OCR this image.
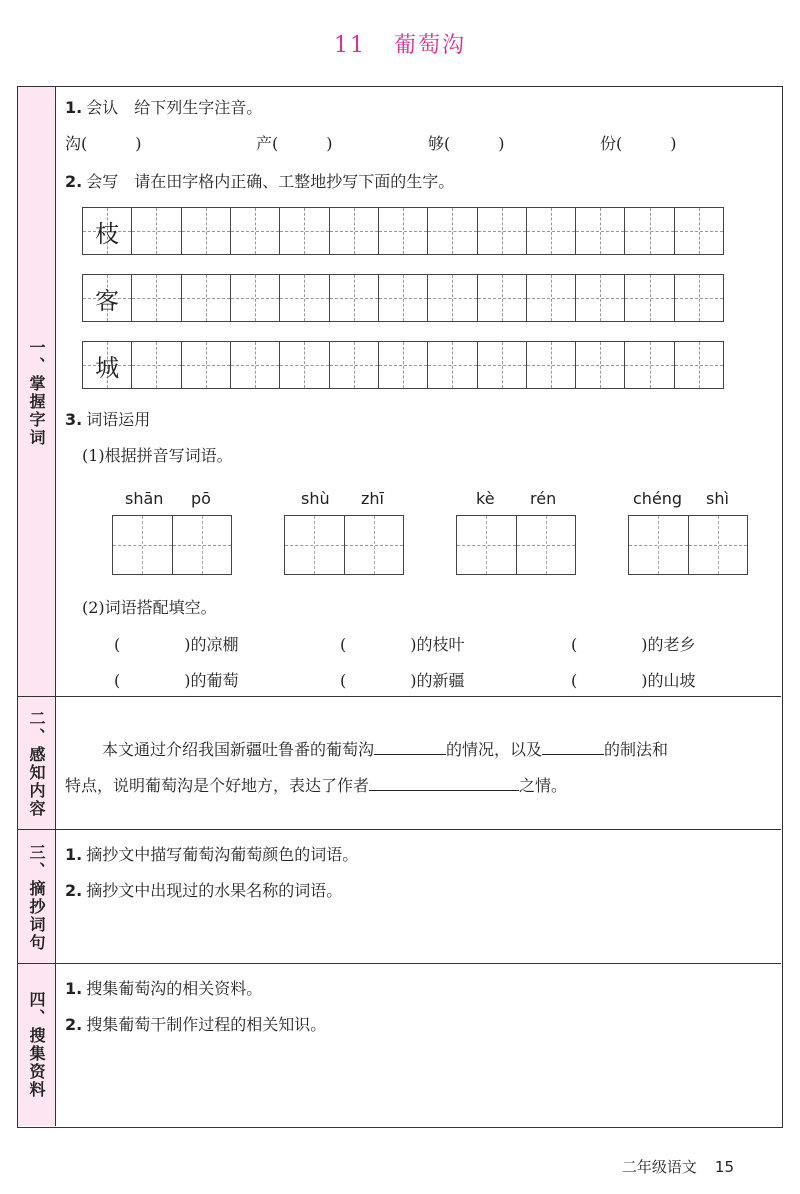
11 葡萄沟
一、掌握字词
1. 会认　 给下列生字注音。
沟(　　　)	产(　　　)	够(　　　)	份(　　　)
2. 会写　 请在田字格内正确、工整地抄写下面的生字。
枝
客
城
3. 词语运用
(1)根据拼音写词语。
shān pō	shù zhī	kè rén	chéng shì
(2)词语搭配填空。
(　　　　)的凉棚	(　　　　)的枝叶	(　　　　)的老乡
(　　　　)的葡萄	(　　　　)的新疆	(　　　　)的山坡
二、感知内容	本文通过介绍我国新疆吐鲁番的葡萄沟	的情况，以及	的制法和
特点，说明葡萄沟是个好地方，表达了作者	之情。
三、摘抄词句 1. 摘抄文中描写葡萄沟葡萄颜色的词语。
2. 摘抄文中出现过的水果名称的词语。
四、搜集资料
1. 搜集葡萄沟的相关资料。
2. 搜集葡萄干制作过程的相关知识。
二年级语文 15
